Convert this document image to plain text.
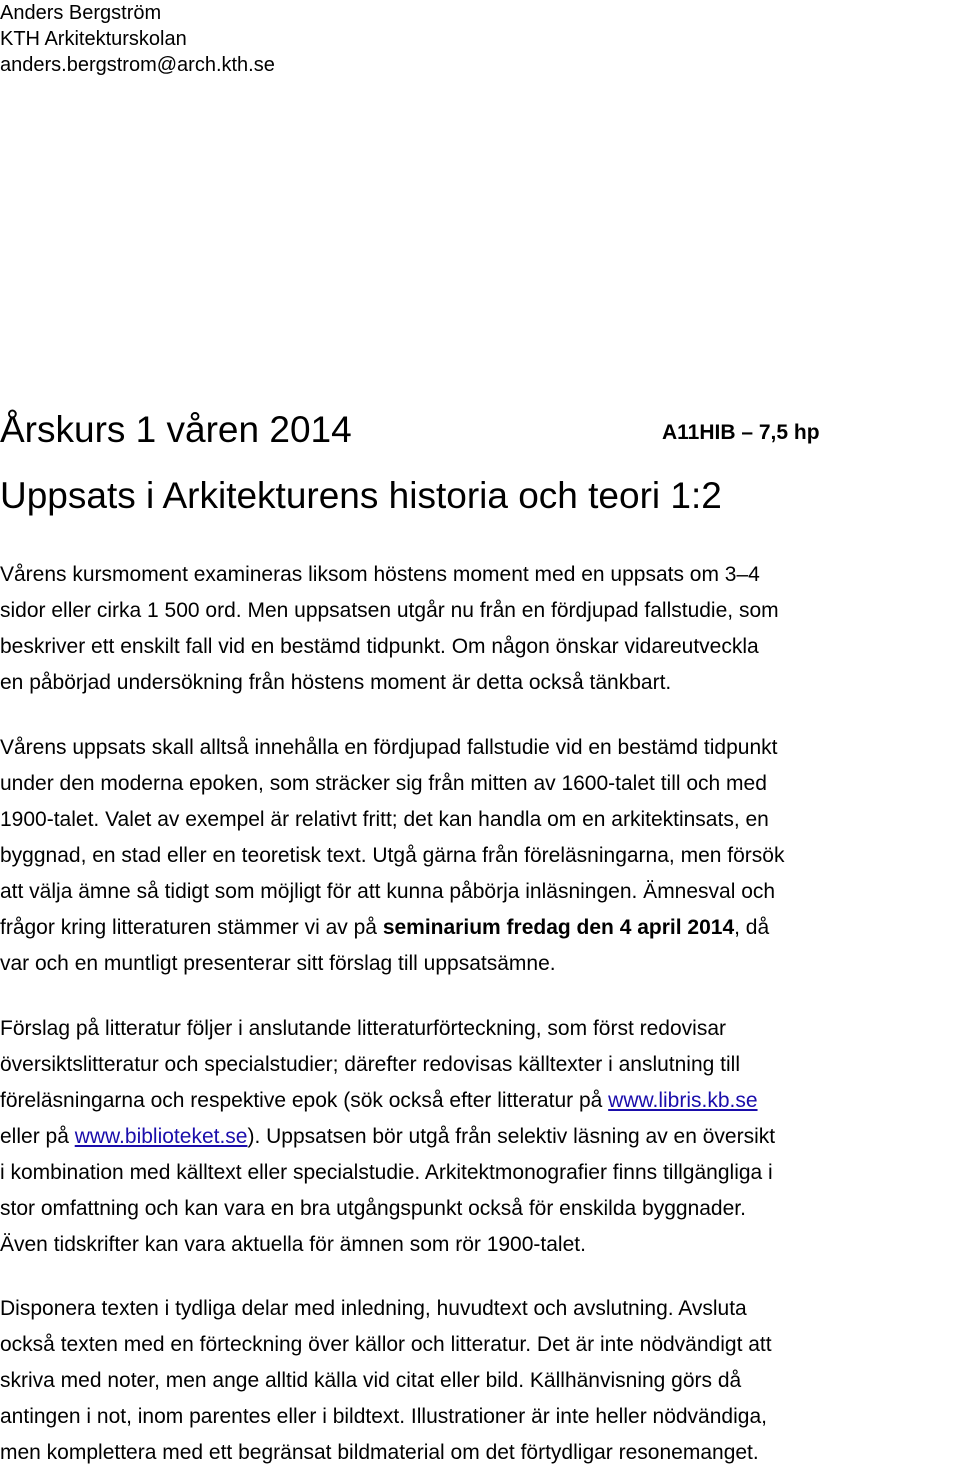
Anders Bergström
KTH Arkitekturskolan
anders.bergstrom@arch.kth.se
Årskurs 1 våren 2014	A11HIB – 7,5 hp
Uppsats i Arkitekturens historia och teori 1:2

Vårens kursmoment examineras liksom höstens moment med en uppsats om 3–4
sidor eller cirka 1 500 ord. Men uppsatsen utgår nu från en fördjupad fallstudie, som
beskriver ett enskilt fall vid en bestämd tidpunkt. Om någon önskar vidareutveckla
en påbörjad undersökning från höstens moment är detta också tänkbart.

Vårens uppsats skall alltså innehålla en fördjupad fallstudie vid en bestämd tidpunkt
under den moderna epoken, som sträcker sig från mitten av 1600-talet till och med
1900-talet. Valet av exempel är relativt fritt; det kan handla om en arkitektinsats, en
byggnad, en stad eller en teoretisk text. Utgå gärna från föreläsningarna, men försök
att välja ämne så tidigt som möjligt för att kunna påbörja inläsningen. Ämnesval och
frågor kring litteraturen stämmer vi av på seminarium fredag den 4 april 2014, då
var och en muntligt presenterar sitt förslag till uppsatsämne.

Förslag på litteratur följer i anslutande litteraturförteckning, som först redovisar
översiktslitteratur och specialstudier; därefter redovisas källtexter i anslutning till
föreläsningarna och respektive epok (sök också efter litteratur på www.libris.kb.se
eller på www.biblioteket.se). Uppsatsen bör utgå från selektiv läsning av en översikt
i kombination med källtext eller specialstudie. Arkitektmonografier finns tillgängliga i
stor omfattning och kan vara en bra utgångspunkt också för enskilda byggnader.
Även tidskrifter kan vara aktuella för ämnen som rör 1900-talet.

Disponera texten i tydliga delar med inledning, huvudtext och avslutning. Avsluta
också texten med en förteckning över källor och litteratur. Det är inte nödvändigt att
skriva med noter, men ange alltid källa vid citat eller bild. Källhänvisning görs då
antingen i not, inom parentes eller i bildtext. Illustrationer är inte heller nödvändiga,
men komplettera med ett begränsat bildmaterial om det förtydligar resonemanget.
